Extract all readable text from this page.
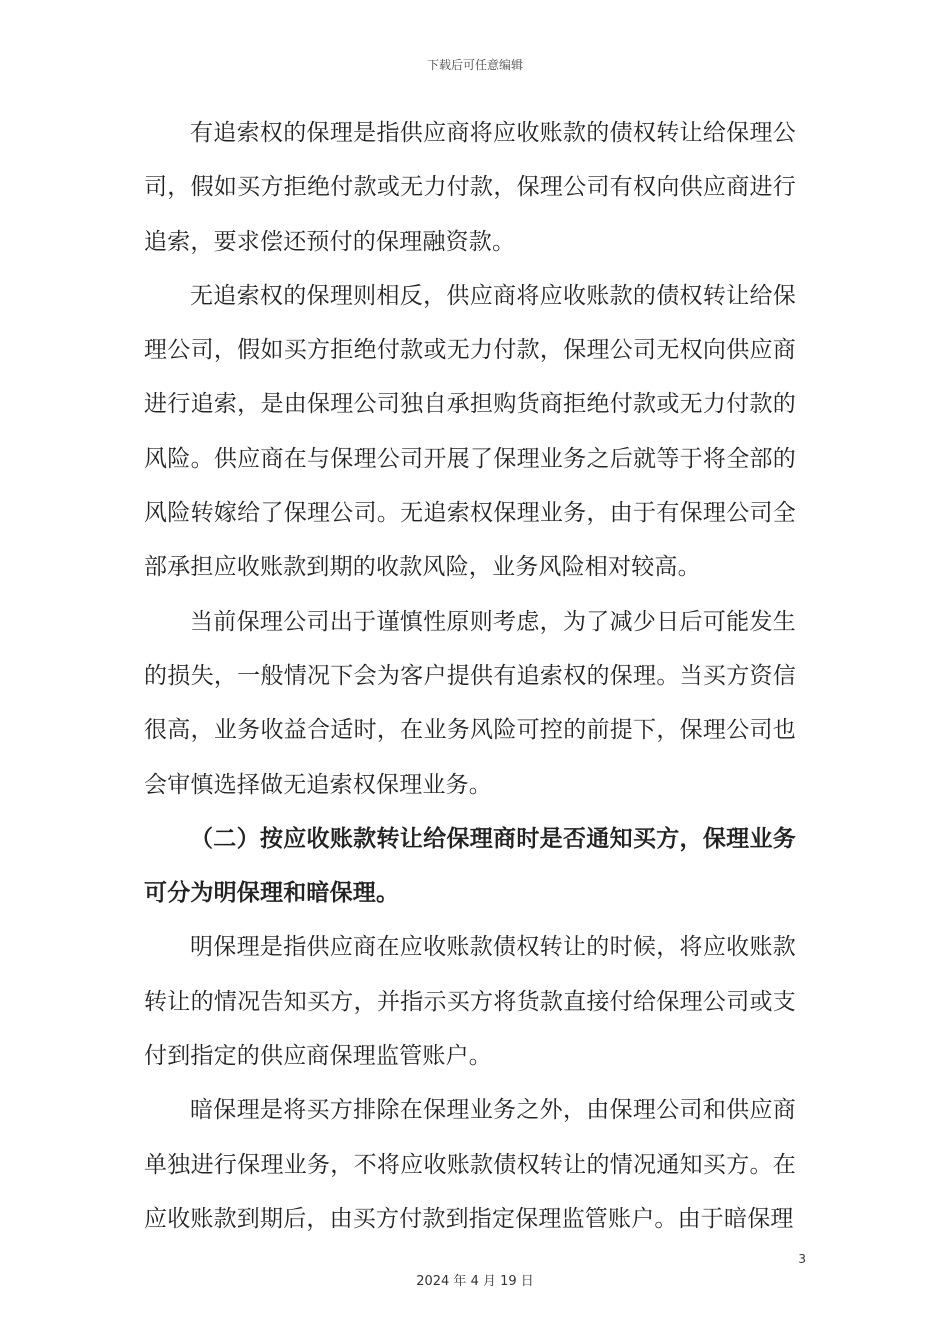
下载后可任意编辑

有追索权的保理是指供应商将应收账款的债权转让给保理公司，假如买方拒绝付款或无力付款，保理公司有权向供应商进行追索，要求偿还预付的保理融资款。

无追索权的保理则相反，供应商将应收账款的债权转让给保理公司，假如买方拒绝付款或无力付款，保理公司无权向供应商进行追索，是由保理公司独自承担购货商拒绝付款或无力付款的风险。供应商在与保理公司开展了保理业务之后就等于将全部的风险转嫁给了保理公司。无追索权保理业务，由于有保理公司全部承担应收账款到期的收款风险，业务风险相对较高。

当前保理公司出于谨慎性原则考虑，为了减少日后可能发生的损失，一般情况下会为客户提供有追索权的保理。当买方资信很高，业务收益合适时，在业务风险可控的前提下，保理公司也会审慎选择做无追索权保理业务。

（二）按应收账款转让给保理商时是否通知买方，保理业务可分为明保理和暗保理。

明保理是指供应商在应收账款债权转让的时候，将应收账款转让的情况告知买方，并指示买方将货款直接付给保理公司或支付到指定的供应商保理监管账户。

暗保理是将买方排除在保理业务之外，由保理公司和供应商单独进行保理业务，不将应收账款债权转让的情况通知买方。在应收账款到期后，由买方付款到指定保理监管账户。由于暗保理

3
2024 年 4 月 19 日
